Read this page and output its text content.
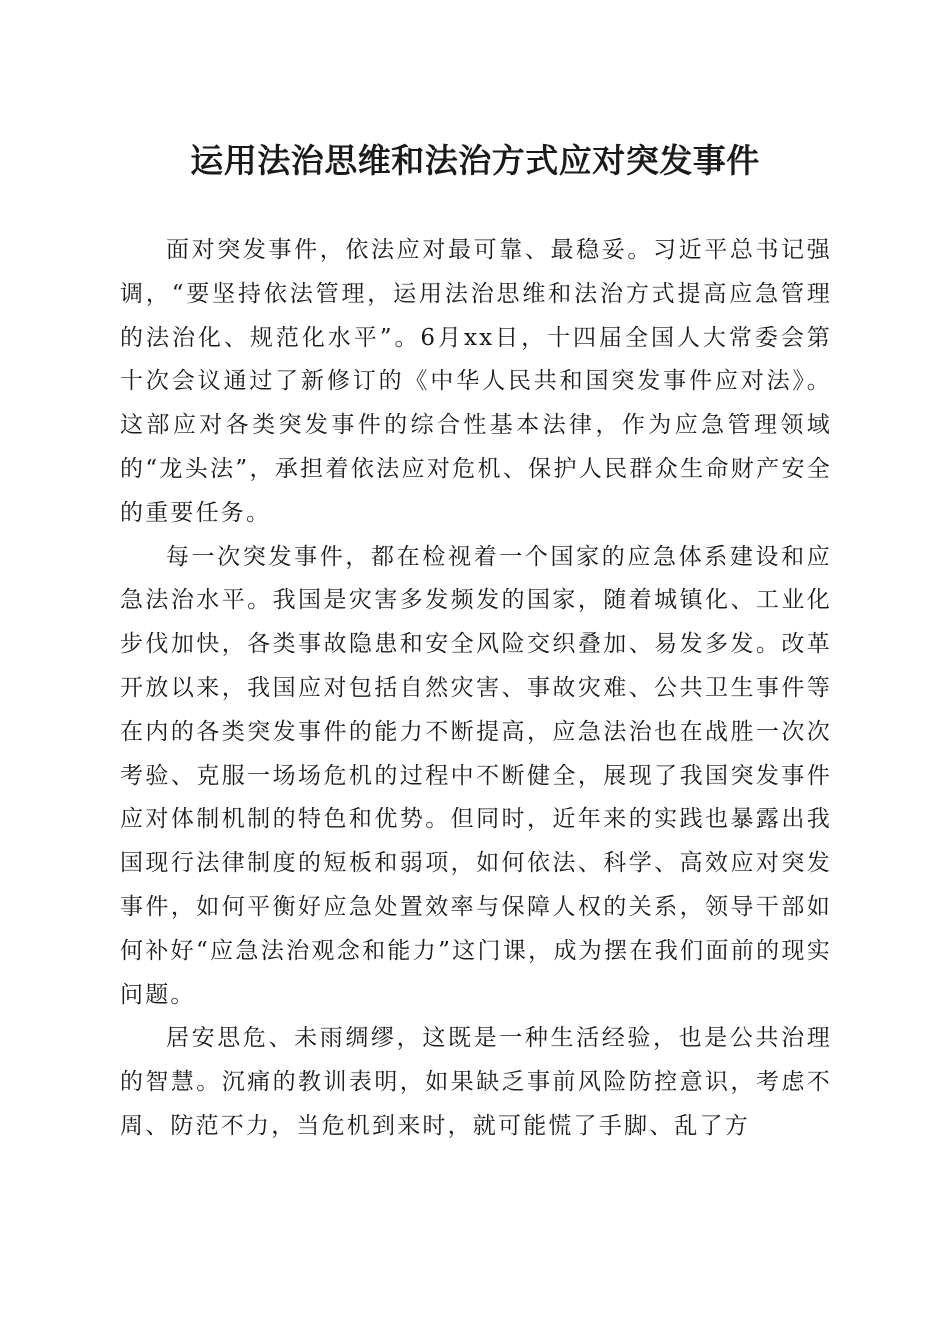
运用法治思维和法治方式应对突发事件

面对突发事件，依法应对最可靠、最稳妥。习近平总书记强调，“要坚持依法管理，运用法治思维和法治方式提高应急管理的法治化、规范化水平”。6月xx日，十四届全国人大常委会第十次会议通过了新修订的《中华人民共和国突发事件应对法》。这部应对各类突发事件的综合性基本法律，作为应急管理领域的“龙头法”，承担着依法应对危机、保护人民群众生命财产安全的重要任务。

每一次突发事件，都在检视着一个国家的应急体系建设和应急法治水平。我国是灾害多发频发的国家，随着城镇化、工业化步伐加快，各类事故隐患和安全风险交织叠加、易发多发。改革开放以来，我国应对包括自然灾害、事故灾难、公共卫生事件等在内的各类突发事件的能力不断提高，应急法治也在战胜一次次考验、克服一场场危机的过程中不断健全，展现了我国突发事件应对体制机制的特色和优势。但同时，近年来的实践也暴露出我国现行法律制度的短板和弱项，如何依法、科学、高效应对突发事件，如何平衡好应急处置效率与保障人权的关系，领导干部如何补好“应急法治观念和能力”这门课，成为摆在我们面前的现实问题。

居安思危、未雨绸缪，这既是一种生活经验，也是公共治理的智慧。沉痛的教训表明，如果缺乏事前风险防控意识，考虑不周、防范不力，当危机到来时，就可能慌了手脚、乱了方
